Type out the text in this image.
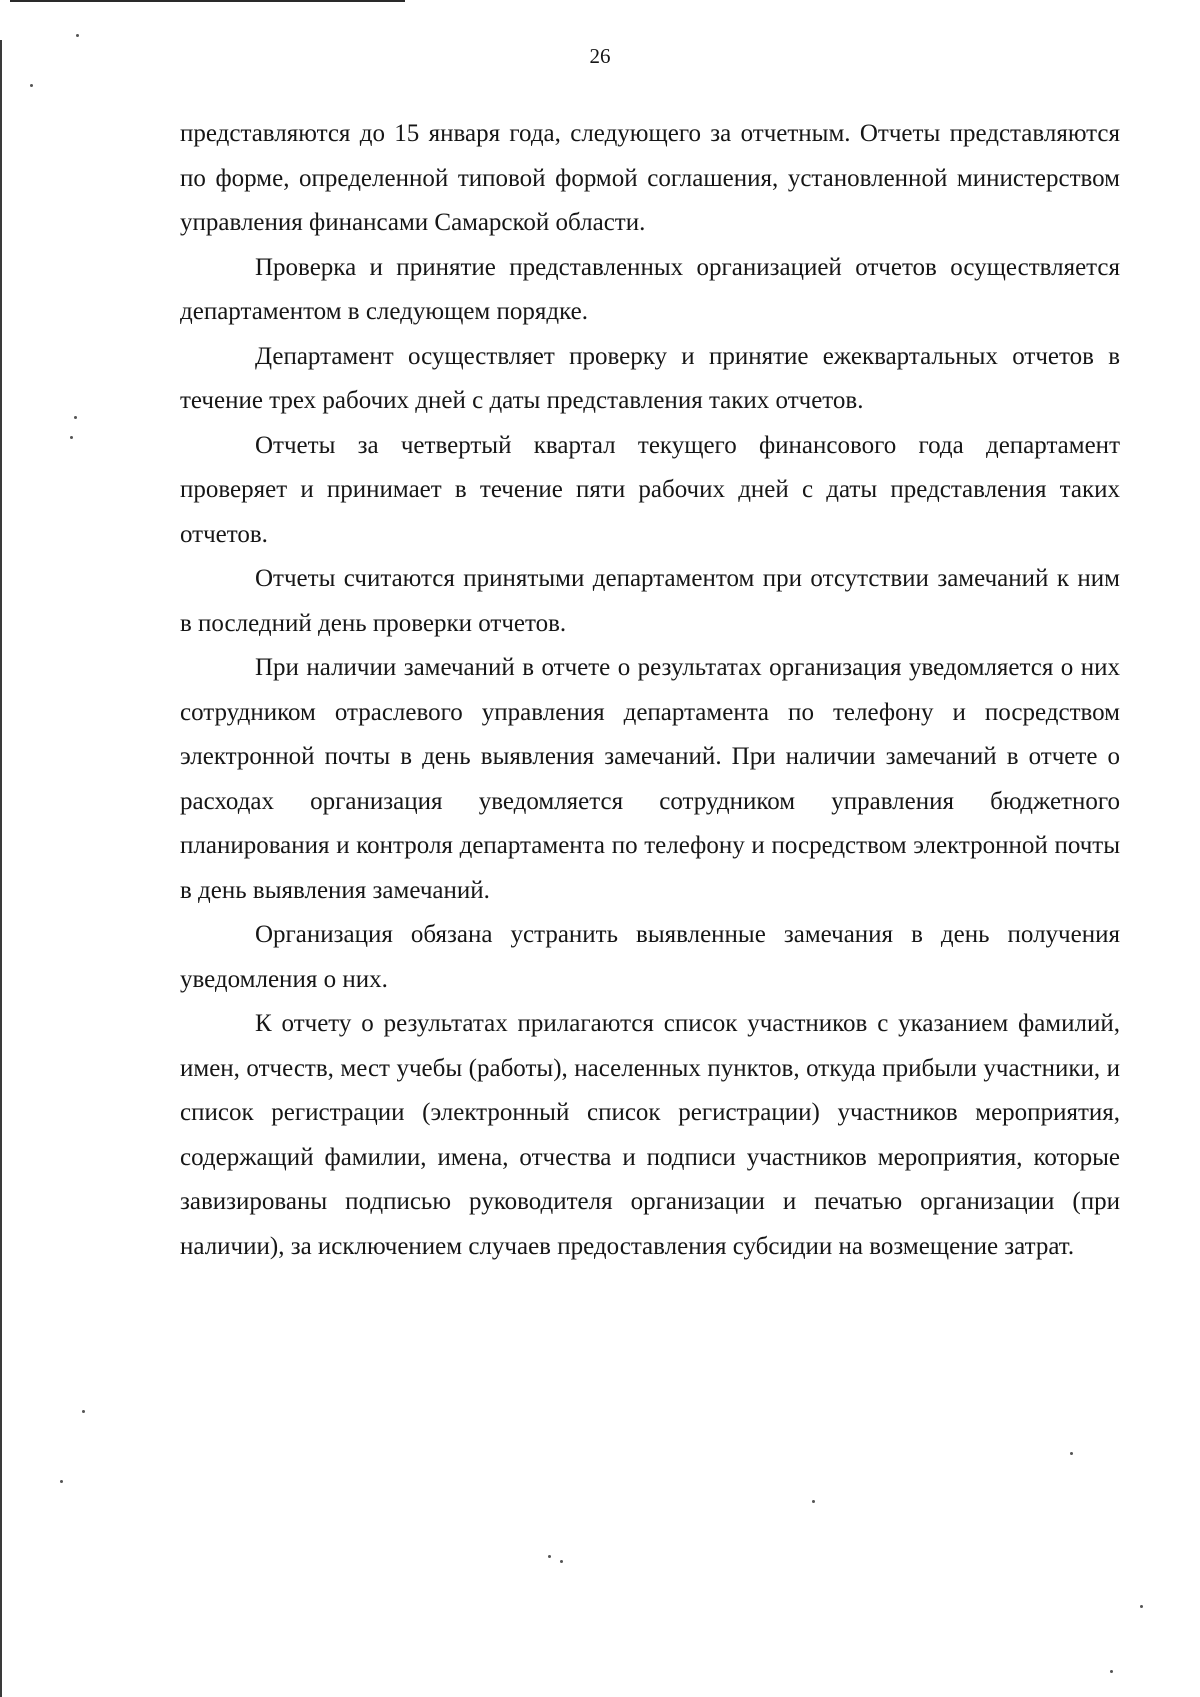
26

представляются до 15 января года, следующего за отчетным. Отчеты представляются по форме, определенной типовой формой соглашения, установленной министерством управления финансами Самарской области.

Проверка и принятие представленных организацией отчетов осуществляется департаментом в следующем порядке.

Департамент осуществляет проверку и принятие ежеквартальных отчетов в течение трех рабочих дней с даты представления таких отчетов.

Отчеты за четвертый квартал текущего финансового года департамент проверяет и принимает в течение пяти рабочих дней с даты представления таких отчетов.

Отчеты считаются принятыми департаментом при отсутствии замечаний к ним в последний день проверки отчетов.

При наличии замечаний в отчете о результатах организация уведомляется о них сотрудником отраслевого управления департамента по телефону и посредством электронной почты в день выявления замечаний. При наличии замечаний в отчете о расходах организация уведомляется сотрудником управления бюджетного планирования и контроля департамента по телефону и посредством электронной почты в день выявления замечаний.

Организация обязана устранить выявленные замечания в день получения уведомления о них.

К отчету о результатах прилагаются список участников с указанием фамилий, имен, отчеств, мест учебы (работы), населенных пунктов, откуда прибыли участники, и список регистрации (электронный список регистрации) участников мероприятия, содержащий фамилии, имена, отчества и подписи участников мероприятия, которые завизированы подписью руководителя организации и печатью организации (при наличии), за исключением случаев предоставления субсидии на возмещение затрат.
